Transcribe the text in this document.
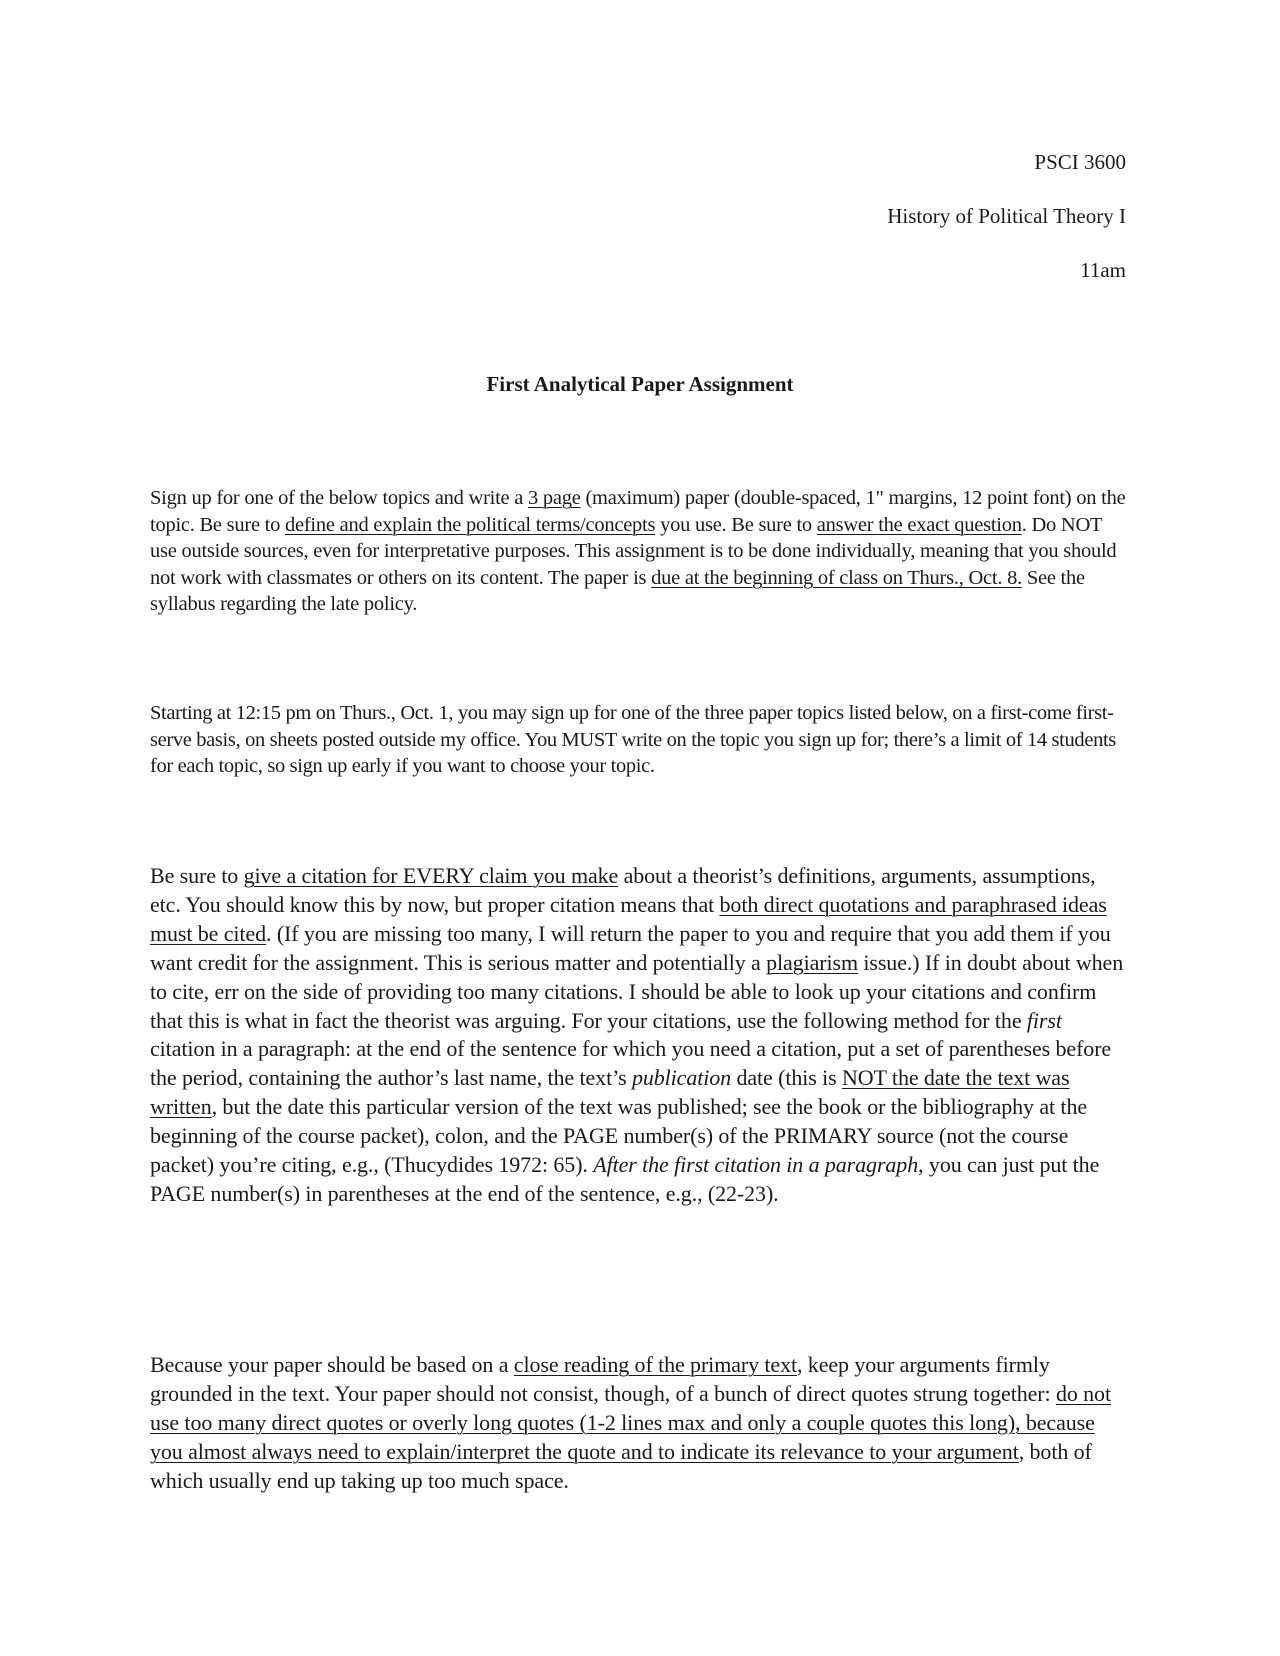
PSCI 3600
History of Political Theory I
11am
First Analytical Paper Assignment

Sign up for one of the below topics and write a 3 page (maximum) paper (double-spaced, 1" margins, 12 point font) on the topic. Be sure to define and explain the political terms/concepts you use. Be sure to answer the exact question. Do NOT use outside sources, even for interpretative purposes. This assignment is to be done individually, meaning that you should not work with classmates or others on its content. The paper is due at the beginning of class on Thurs., Oct. 8. See the syllabus regarding the late policy.

Starting at 12:15 pm on Thurs., Oct. 1, you may sign up for one of the three paper topics listed below, on a first-come first-serve basis, on sheets posted outside my office. You MUST write on the topic you sign up for; there’s a limit of 14 students for each topic, so sign up early if you want to choose your topic.

Be sure to give a citation for EVERY claim you make about a theorist’s definitions, arguments, assumptions, etc. You should know this by now, but proper citation means that both direct quotations and paraphrased ideas must be cited. (If you are missing too many, I will return the paper to you and require that you add them if you want credit for the assignment. This is serious matter and potentially a plagiarism issue.) If in doubt about when to cite, err on the side of providing too many citations. I should be able to look up your citations and confirm that this is what in fact the theorist was arguing. For your citations, use the following method for the first citation in a paragraph: at the end of the sentence for which you need a citation, put a set of parentheses before the period, containing the author’s last name, the text’s publication date (this is NOT the date the text was written, but the date this particular version of the text was published; see the book or the bibliography at the beginning of the course packet), colon, and the PAGE number(s) of the PRIMARY source (not the course packet) you’re citing, e.g., (Thucydides 1972: 65). After the first citation in a paragraph, you can just put the PAGE number(s) in parentheses at the end of the sentence, e.g., (22-23).

Because your paper should be based on a close reading of the primary text, keep your arguments firmly grounded in the text. Your paper should not consist, though, of a bunch of direct quotes strung together: do not use too many direct quotes or overly long quotes (1-2 lines max and only a couple quotes this long), because you almost always need to explain/interpret the quote and to indicate its relevance to your argument, both of which usually end up taking up too much space.
